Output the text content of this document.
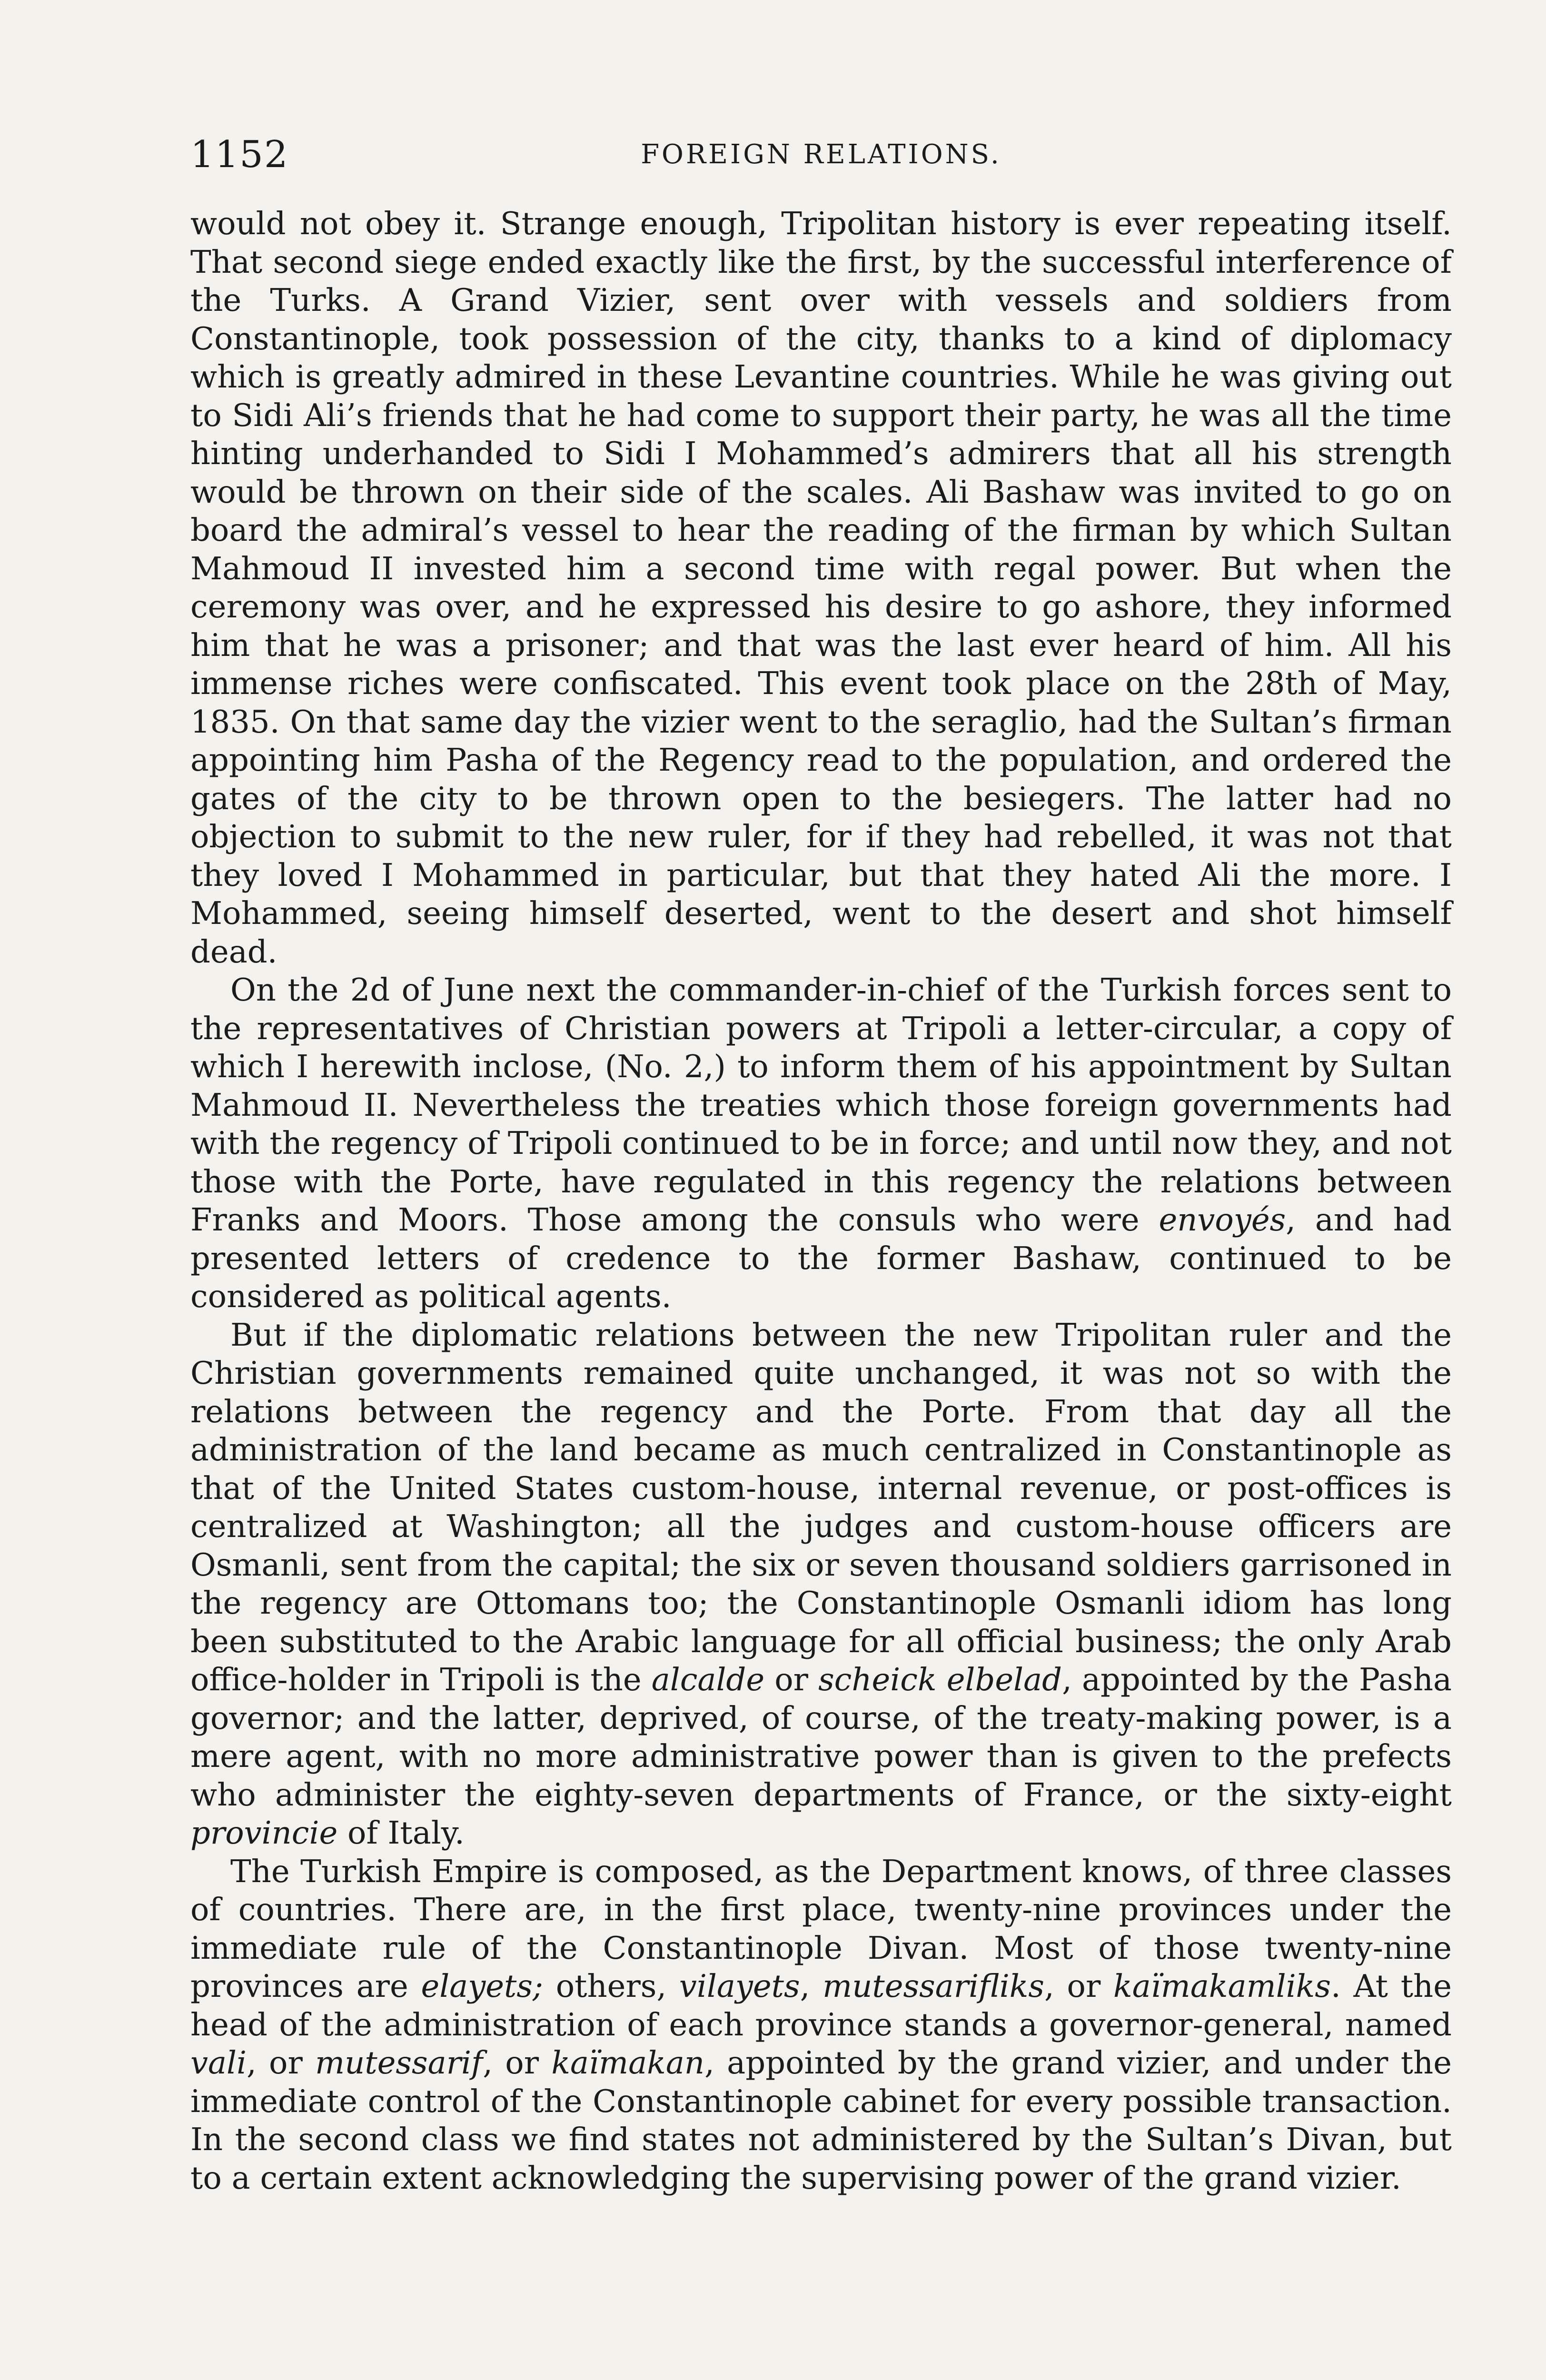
1152	FOREIGN RELATIONS.

would not obey it. Strange enough, Tripolitan history is ever repeating itself. That second siege ended exactly like the first, by the successful interference of the Turks. A Grand Vizier, sent over with vessels and soldiers from Constantinople, took possession of the city, thanks to a kind of diplomacy which is greatly admired in these Levantine countries. While he was giving out to Sidi Ali’s friends that he had come to support their party, he was all the time hinting underhanded to Sidi I Mohammed’s admirers that all his strength would be thrown on their side of the scales. Ali Bashaw was invited to go on board the admiral’s vessel to hear the reading of the firman by which Sultan Mahmoud II invested him a second time with regal power. But when the ceremony was over, and he expressed his desire to go ashore, they informed him that he was a prisoner; and that was the last ever heard of him. All his immense riches were confiscated. This event took place on the 28th of May, 1835. On that same day the vizier went to the seraglio, had the Sultan’s firman appointing him Pasha of the Regency read to the population, and ordered the gates of the city to be thrown open to the besiegers. The latter had no objection to submit to the new ruler, for if they had rebelled, it was not that they loved I Mohammed in particular, but that they hated Ali the more. I Mohammed, seeing himself deserted, went to the desert and shot himself dead.

On the 2d of June next the commander-in-chief of the Turkish forces sent to the representatives of Christian powers at Tripoli a letter-circular, a copy of which I herewith inclose, (No. 2,) to inform them of his appointment by Sultan Mahmoud II. Nevertheless the treaties which those foreign governments had with the regency of Tripoli continued to be in force; and until now they, and not those with the Porte, have regulated in this regency the relations between Franks and Moors. Those among the consuls who were envoyés, and had presented letters of credence to the former Bashaw, continued to be considered as political agents.

But if the diplomatic relations between the new Tripolitan ruler and the Christian governments remained quite unchanged, it was not so with the relations between the regency and the Porte. From that day all the administration of the land became as much centralized in Constantinople as that of the United States custom-house, internal revenue, or post-offices is centralized at Washington; all the judges and custom-house officers are Osmanli, sent from the capital; the six or seven thousand soldiers garrisoned in the regency are Ottomans too; the Constantinople Osmanli idiom has long been substituted to the Arabic language for all official business; the only Arab office-holder in Tripoli is the alcalde or scheick elbelad, appointed by the Pasha governor; and the latter, deprived, of course, of the treaty-making power, is a mere agent, with no more administrative power than is given to the prefects who administer the eighty-seven departments of France, or the sixty-eight provincie of Italy.

The Turkish Empire is composed, as the Department knows, of three classes of countries. There are, in the first place, twenty-nine provinces under the immediate rule of the Constantinople Divan. Most of those twenty-nine provinces are elayets; others, vilayets, mutessarifliks, or kaïmakamliks. At the head of the administration of each province stands a governor-general, named vali, or mutessarif, or kaïmakan, appointed by the grand vizier, and under the immediate control of the Constantinople cabinet for every possible transaction. In the second class we find states not administered by the Sultan’s Divan, but to a certain extent acknowledging the supervising power of the grand vizier.
